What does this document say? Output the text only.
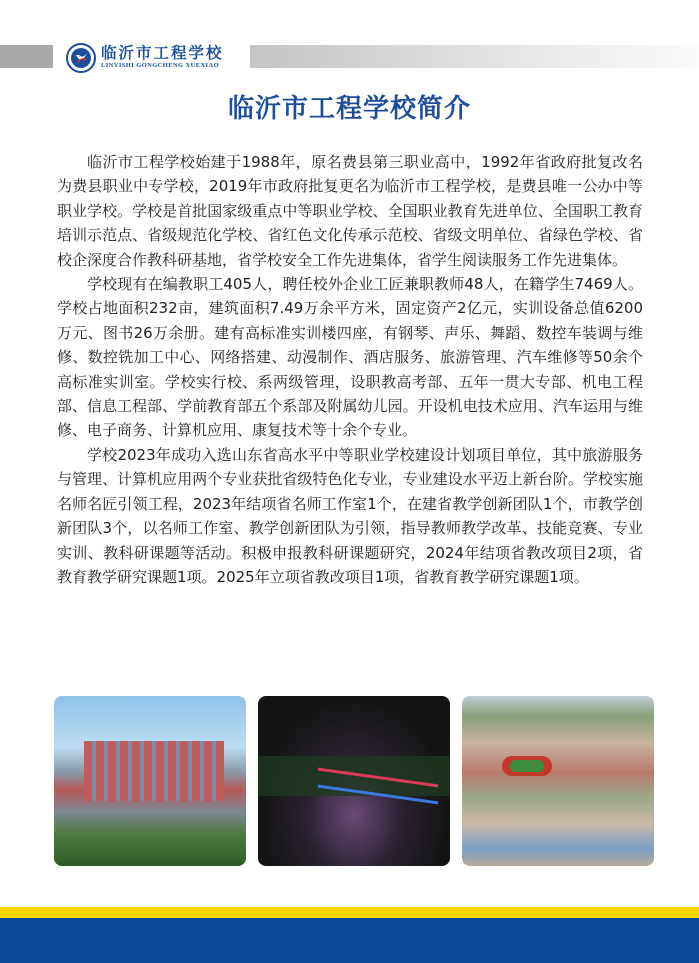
临沂市工程学校
LINYISHI GONGCHENG XUEXIAO
临沂市工程学校简介

临沂市工程学校始建于1988年，原名费县第三职业高中，1992年省政府批复改名为费县职业中专学校，2019年市政府批复更名为临沂市工程学校，是费县唯一公办中等职业学校。学校是首批国家级重点中等职业学校、全国职业教育先进单位、全国职工教育培训示范点、省级规范化学校、省红色文化传承示范校、省级文明单位、省绿色学校、省校企深度合作教科研基地，省学校安全工作先进集体，省学生阅读服务工作先进集体。

学校现有在编教职工405人，聘任校外企业工匠兼职教师48人，在籍学生7469人。学校占地面积232亩，建筑面积7.49万余平方米，固定资产2亿元，实训设备总值6200万元、图书26万余册。建有高标准实训楼四座，有钢琴、声乐、舞蹈、数控车装调与维修、数控铣加工中心、网络搭建、动漫制作、酒店服务、旅游管理、汽车维修等50余个高标准实训室。学校实行校、系两级管理，设职教高考部、五年一贯大专部、机电工程部、信息工程部、学前教育部五个系部及附属幼儿园。开设机电技术应用、汽车运用与维修、电子商务、计算机应用、康复技术等十余个专业。

学校2023年成功入选山东省高水平中等职业学校建设计划项目单位，其中旅游服务与管理、计算机应用两个专业获批省级特色化专业，专业建设水平迈上新台阶。学校实施名师名匠引领工程，2023年结项省名师工作室1个，在建省教学创新团队1个，市教学创新团队3个，以名师工作室、教学创新团队为引领，指导教师教学改革、技能竞赛、专业实训、教科研课题等活动。积极申报教科研课题研究，2024年结项省教改项目2项，省教育教学研究课题1项。2025年立项省教改项目1项，省教育教学研究课题1项。
